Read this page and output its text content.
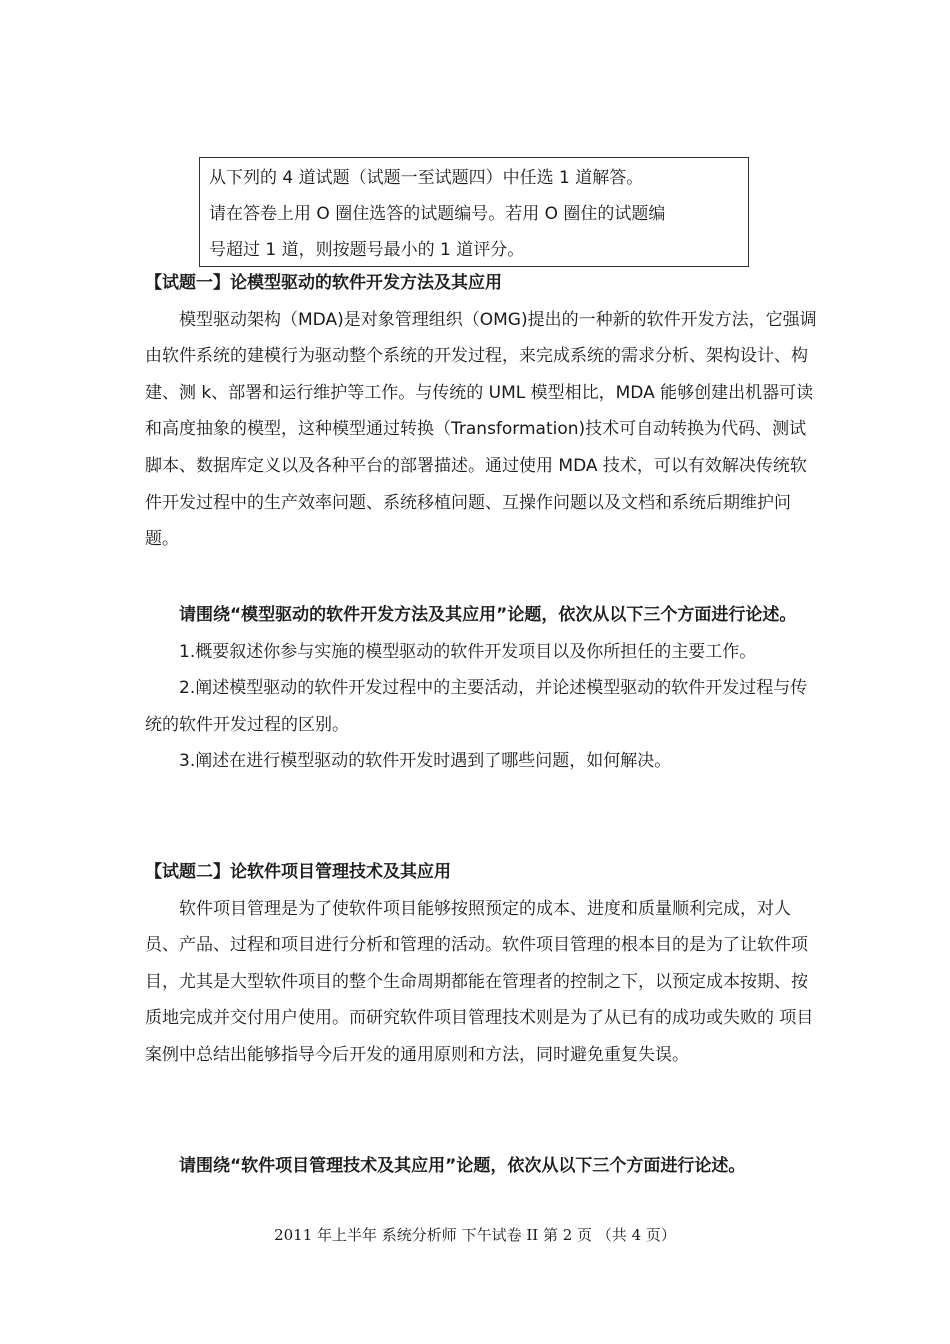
从下列的 4 道试题（试题一至试题四）中任选 1 道解答。

请在答卷上用 O 圈住选答的试题编号。若用 O 圈住的试题编

号超过 1 道，则按题号最小的 1 道评分。

【试题一】论模型驱动的软件开发方法及其应用

模型驱动架构（MDA)是对象管理组织（OMG)提出的一种新的软件开发方法，它强调由软件系统的建模行为驱动整个系统的开发过程，来完成系统的需求分析、架构设计、构建、测 k、部署和运行维护等工作。与传统的 UML 模型相比，MDA 能够创建出机器可读和高度抽象的模型，这种模型通过转换（Transformation)技术可自动转换为代码、测试脚本、数据库定义以及各种平台的部署描述。通过使用 MDA 技术，可以有效解决传统软件开发过程中的生产效率问题、系统移植问题、互操作问题以及文档和系统后期维护问题。

请围绕“模型驱动的软件开发方法及其应用”论题，依次从以下三个方面进行论述。

1.概要叙述你参与实施的模型驱动的软件开发项目以及你所担任的主要工作。

2.阐述模型驱动的软件开发过程中的主要活动，并论述模型驱动的软件开发过程与传统的软件开发过程的区别。

3.阐述在进行模型驱动的软件开发时遇到了哪些问题，如何解决。

【试题二】论软件项目管理技术及其应用

软件项目管理是为了使软件项目能够按照预定的成本、进度和质量顺利完成，对人员、产品、过程和项目进行分析和管理的活动。软件项目管理的根本目的是为了让软件项目，尤其是大型软件项目的整个生命周期都能在管理者的控制之下，以预定成本按期、按质地完成并交付用户使用。而研究软件项目管理技术则是为了从已有的成功或失败的 项目案例中总结出能够指导今后开发的通用原则和方法，同时避免重复失误。

请围绕“软件项目管理技术及其应用”论题，依次从以下三个方面进行论述。

2011 年上半年 系统分析师 下午试卷 II 第 2 页 （共 4 页）
